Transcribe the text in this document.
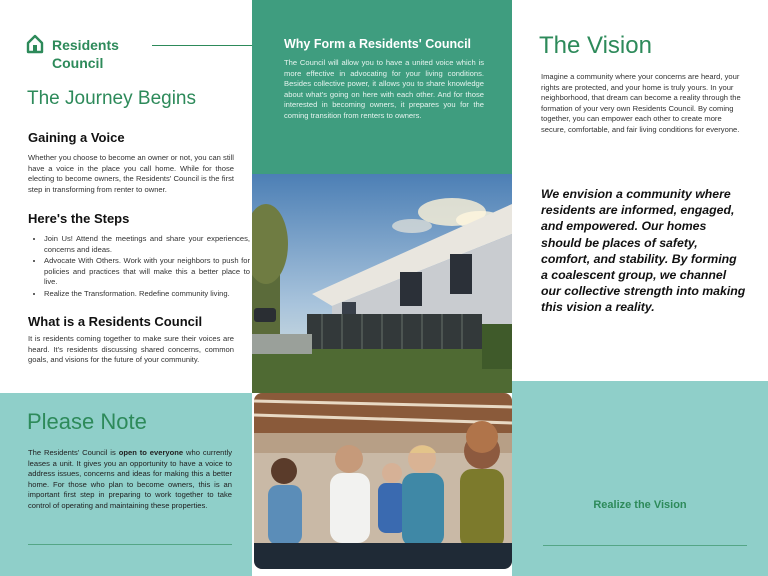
Residents
Council
The Journey Begins
Gaining a Voice
Whether you choose to become an owner or not, you can still have a voice in the place you call home. While for those electing to become owners, the Residents' Council is the first step in transforming from renter to owner.
Here's the Steps
• Join Us! Attend the meetings and share your experiences, concerns and ideas.
• Advocate With Others. Work with your neighbors to push for policies and practices that will make this a better place to live.
• Realize the Transformation. Redefine community living.
What is a Residents Council
It is residents coming together to make sure their voices are heard. It's residents discussing shared concerns, common goals, and visions for the future of your community.
Please Note
The Residents' Council is open to everyone who currently leases a unit. It gives you an opportunity to have a voice to address issues, concerns and ideas for making this a better home. For those who plan to become owners, this is an important first step in preparing to work together to take control of operating and maintaining these properties.
Why Form a Residents' Council
The Council will allow you to have a united voice which is more effective in advocating for your living conditions. Besides collective power, it allows you to share knowledge about what's going on here with each other. And for those interested in becoming owners, it prepares you for the coming transition from renters to owners.
The Vision
Imagine a community where your concerns are heard, your rights are protected, and your home is truly yours. In your neighborhood, that dream can become a reality through the formation of your very own Residents Council. By coming together, you can empower each other to create more secure, comfortable, and fair living conditions for everyone.
We envision a community where residents are informed, engaged, and empowered. Our homes should be places of safety, comfort, and stability. By forming a coalescent group, we channel our collective strength into making this vision a reality.
Realize the Vision
